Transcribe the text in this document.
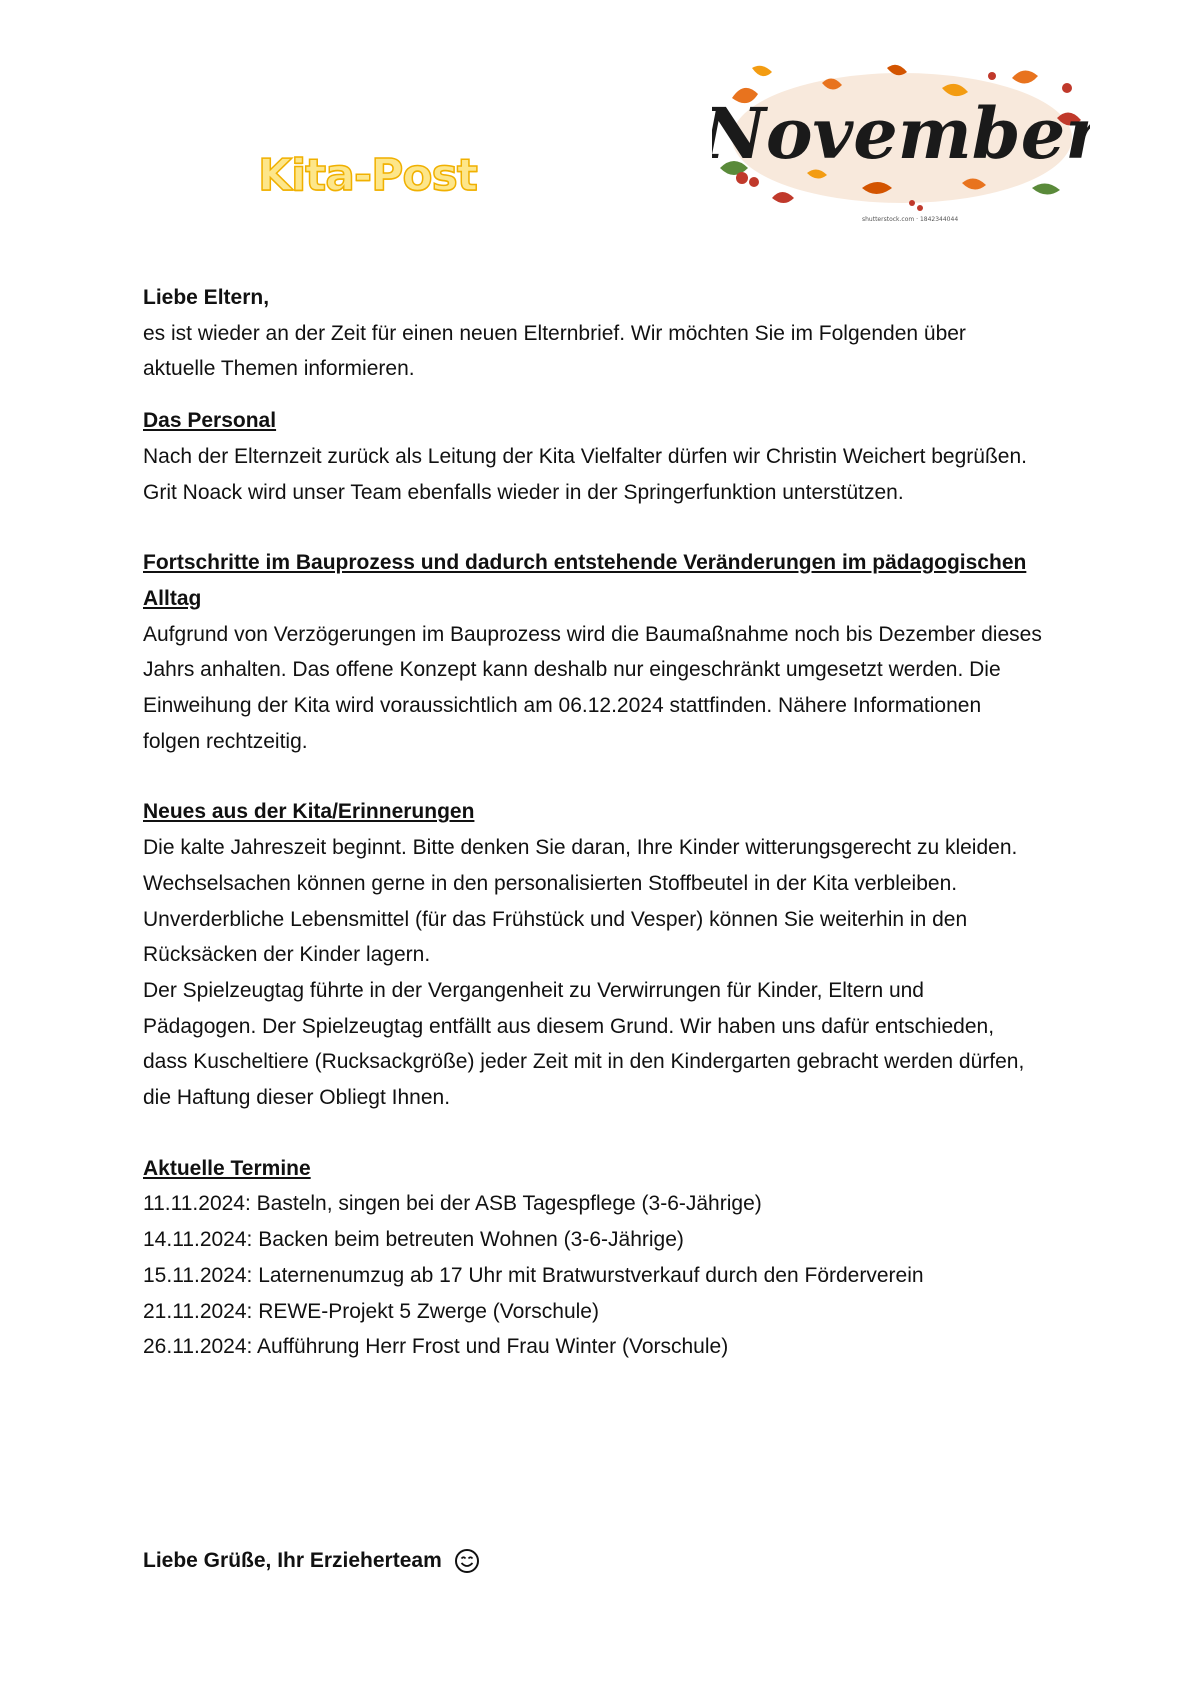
Kita-Post
November
shutterstock.com · 1842344044

Liebe Eltern,

es ist wieder an der Zeit für einen neuen Elternbrief. Wir möchten Sie im Folgenden über aktuelle Themen informieren.

Das Personal

Nach der Elternzeit zurück als Leitung der Kita Vielfalter dürfen wir Christin Weichert begrüßen. Grit Noack wird unser Team ebenfalls wieder in der Springerfunktion unterstützen.

Fortschritte im Bauprozess und dadurch entstehende Veränderungen im pädagogischen Alltag

Aufgrund von Verzögerungen im Bauprozess wird die Baumaßnahme noch bis Dezember dieses Jahrs anhalten. Das offene Konzept kann deshalb nur eingeschränkt umgesetzt werden. Die Einweihung der Kita wird voraussichtlich am 06.12.2024 stattfinden. Nähere Informationen folgen rechtzeitig.

Neues aus der Kita/Erinnerungen

Die kalte Jahreszeit beginnt. Bitte denken Sie daran, Ihre Kinder witterungsgerecht zu kleiden. Wechselsachen können gerne in den personalisierten Stoffbeutel in der Kita verbleiben. Unverderbliche Lebensmittel (für das Frühstück und Vesper) können Sie weiterhin in den Rücksäcken der Kinder lagern.

Der Spielzeugtag führte in der Vergangenheit zu Verwirrungen für Kinder, Eltern und Pädagogen. Der Spielzeugtag entfällt aus diesem Grund. Wir haben uns dafür entschieden, dass Kuscheltiere (Rucksackgröße) jeder Zeit mit in den Kindergarten gebracht werden dürfen, die Haftung dieser Obliegt Ihnen.

Aktuelle Termine

11.11.2024: Basteln, singen bei der ASB Tagespflege (3-6-Jährige)
14.11.2024: Backen beim betreuten Wohnen (3-6-Jährige)
15.11.2024: Laternenumzug ab 17 Uhr mit Bratwurstverkauf durch den Förderverein
21.11.2024: REWE-Projekt 5 Zwerge (Vorschule)
26.11.2024: Aufführung Herr Frost und Frau Winter (Vorschule)
Liebe Grüße, Ihr Erzieherteam
